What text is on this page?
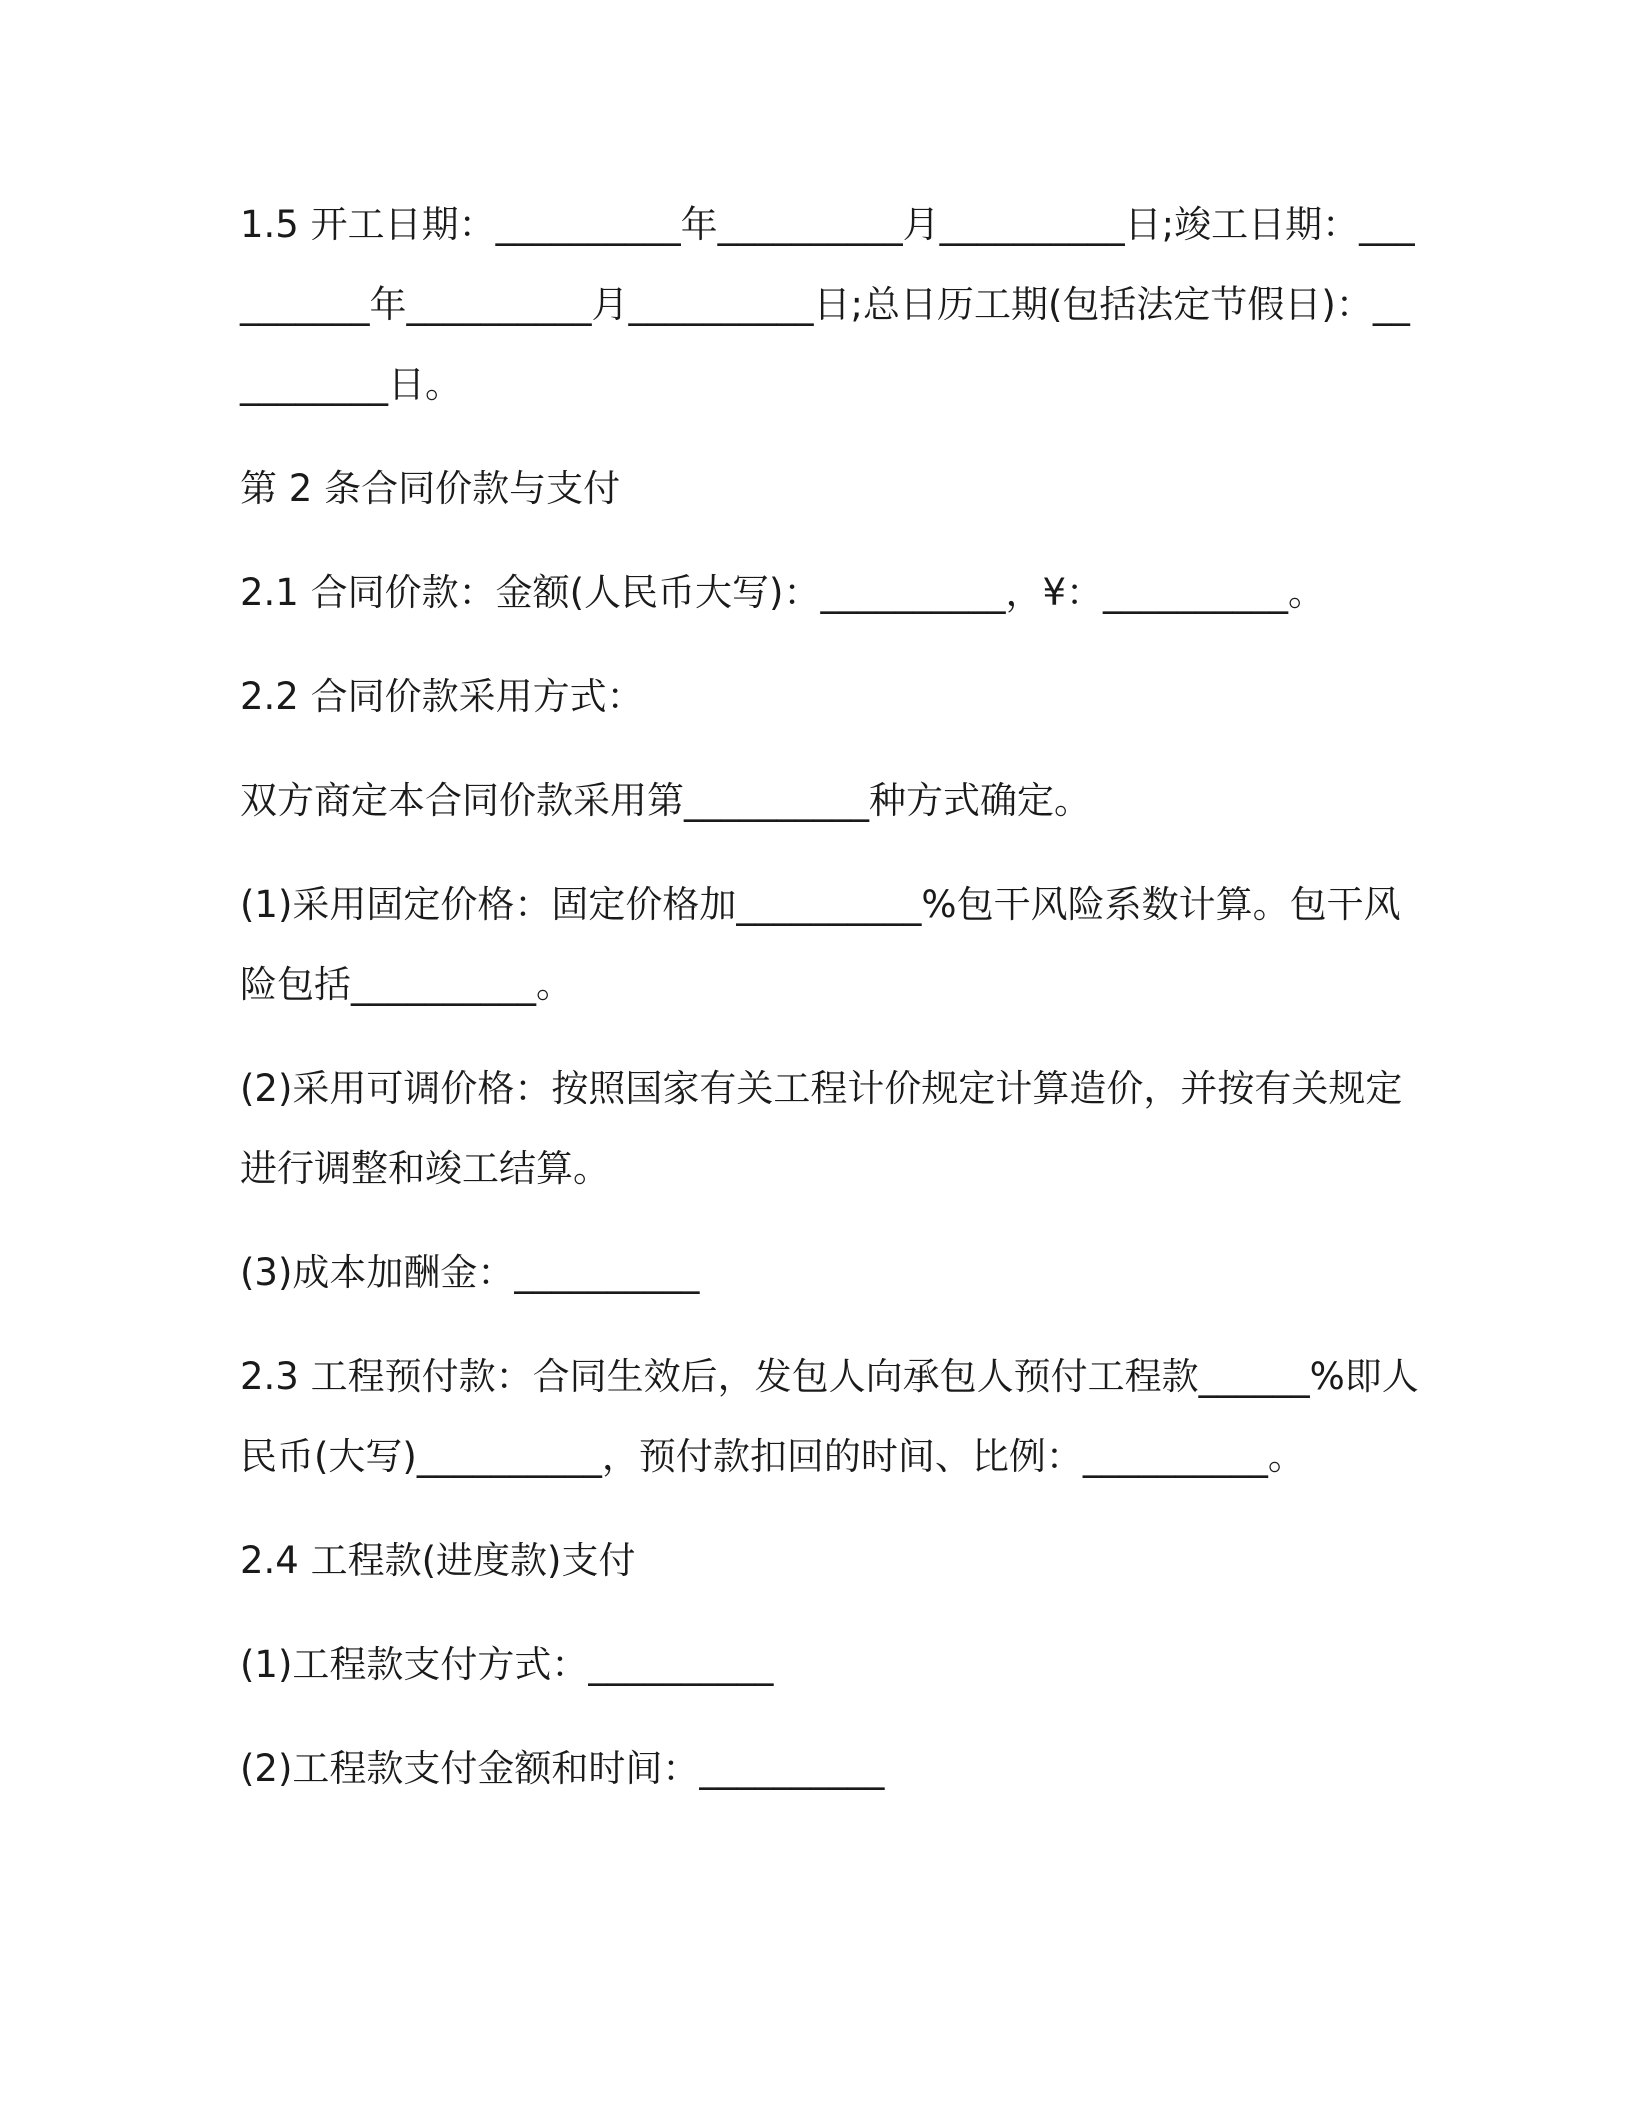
1.5 开工日期：__________年__________月__________日;竣工日期：__________年__________月__________日;总日历工期(包括法定节假日)：__________日。

第 2 条合同价款与支付

2.1 合同价款：金额(人民币大写)：__________，¥：__________。

2.2 合同价款采用方式：

双方商定本合同价款采用第__________种方式确定。

(1)采用固定价格：固定价格加__________%包干风险系数计算。包干风险包括__________。

(2)采用可调价格：按照国家有关工程计价规定计算造价，并按有关规定进行调整和竣工结算。

(3)成本加酬金：__________

2.3 工程预付款：合同生效后，发包人向承包人预付工程款______%即人民币(大写)__________，预付款扣回的时间、比例：__________。

2.4 工程款(进度款)支付

(1)工程款支付方式：__________

(2)工程款支付金额和时间：__________
